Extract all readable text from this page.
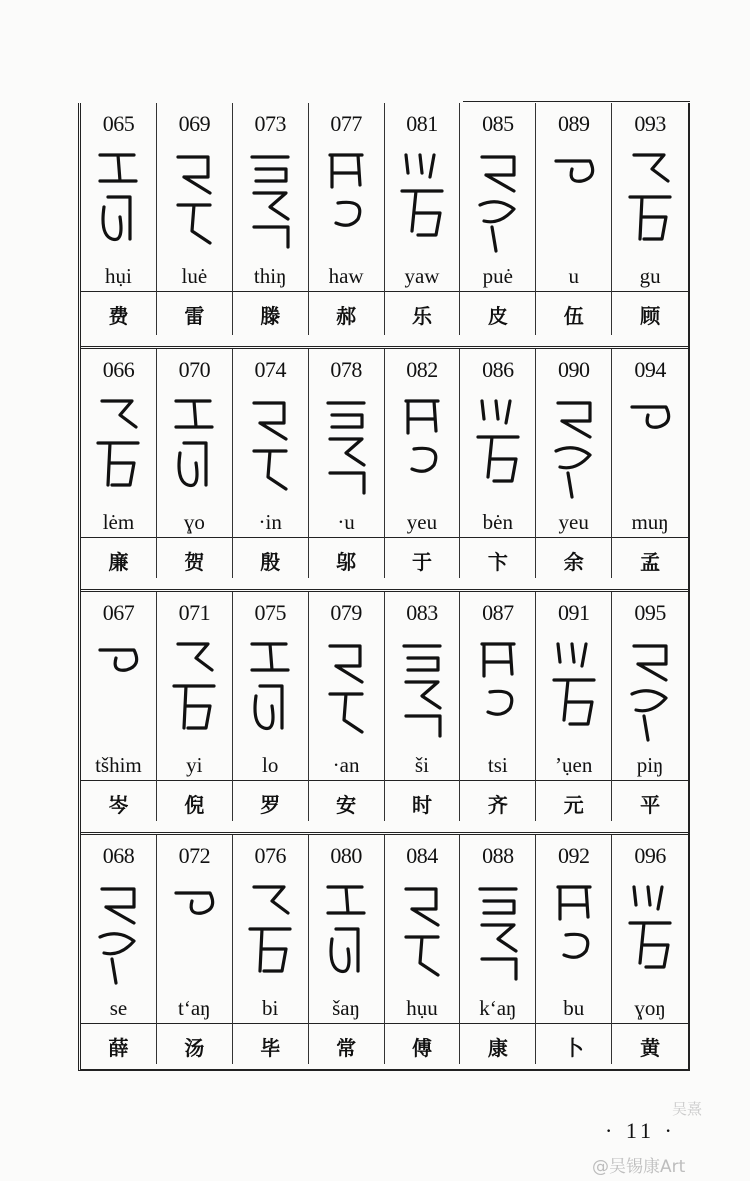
065
hụi
费
069
luė
雷
073
thiŋ
滕
077
haw
郝
081
yaw
乐
085
puė
皮
089
u
伍
093
gu
顾
066
lėm
廉
070
ɣo
贺
074
·in
殷
078
·u
邬
082
yeu
于
086
bėn
卞
090
yeu
余
094
muŋ
孟
067
tšhim
岑
071
yi
倪
075
lo
罗
079
·an
安
083
ši
时
087
tsi
齐
091
ʼụen
元
095
piŋ
平
068
se
薛
072
tʻaŋ
汤
076
bi
毕
080
šaŋ
常
084
hụu
傅
088
kʻaŋ
康
092
bu
卜
096
ɣoŋ
黄
· 11 ·
吴熹
@吴锡康Art
